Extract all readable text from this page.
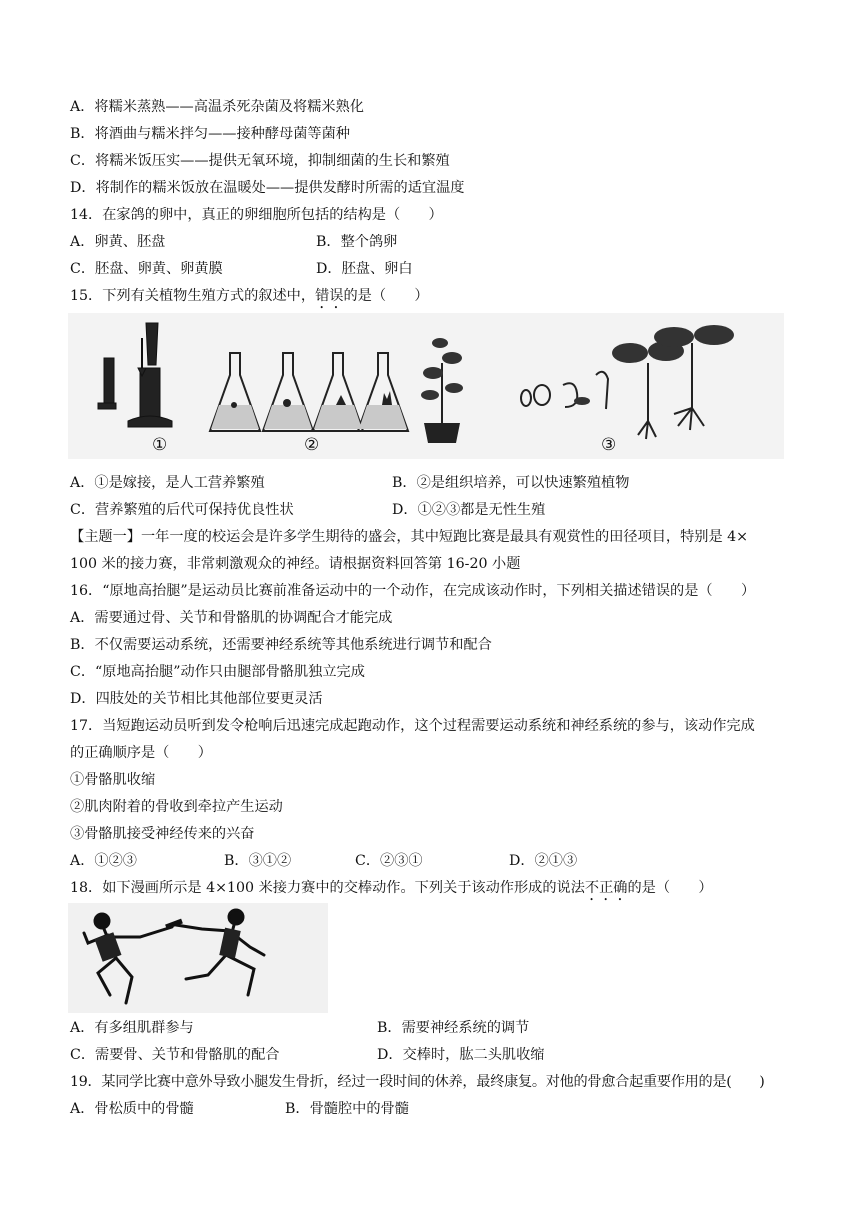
A．将糯米蒸熟——高温杀死杂菌及将糯米熟化
B．将酒曲与糯米拌匀——接种酵母菌等菌种
C．将糯米饭压实——提供无氧环境，抑制细菌的生长和繁殖
D．将制作的糯米饭放在温暖处——提供发酵时所需的适宜温度
14．在家鸽的卵中，真正的卵细胞所包括的结构是（　　）
A．卵黄、胚盘	B．整个鸽卵
C．胚盘、卵黄、卵黄膜	D．胚盘、卵白
15．下列有关植物生殖方式的叙述中，错误的是（　　）
①	②	③
A．①是嫁接，是人工营养繁殖	B．②是组织培养，可以快速繁殖植物
C．营养繁殖的后代可保持优良性状	D．①②③都是无性生殖
【主题一】一年一度的校运会是许多学生期待的盛会，其中短跑比赛是最具有观赏性的田径项目，特别是 4×
100 米的接力赛，非常刺激观众的神经。请根据资料回答第 16-20 小题
16．“原地高抬腿”是运动员比赛前准备运动中的一个动作，在完成该动作时，下列相关描述错误的是（　　）
A．需要通过骨、关节和骨骼肌的协调配合才能完成
B．不仅需要运动系统，还需要神经系统等其他系统进行调节和配合
C．“原地高抬腿”动作只由腿部骨骼肌独立完成
D．四肢处的关节相比其他部位要更灵活
17．当短跑运动员听到发令枪响后迅速完成起跑动作，这个过程需要运动系统和神经系统的参与，该动作完成
的正确顺序是（　　）
①骨骼肌收缩
②肌肉附着的骨收到牵拉产生运动
③骨骼肌接受神经传来的兴奋
A．①②③	B．③①②	C．②③①	D．②①③
18．如下漫画所示是 4×100 米接力赛中的交棒动作。下列关于该动作形成的说法不正确的是（　　）
A．有多组肌群参与	B．需要神经系统的调节
C．需要骨、关节和骨骼肌的配合	D．交棒时，肱二头肌收缩
19．某同学比赛中意外导致小腿发生骨折，经过一段时间的休养，最终康复。对他的骨愈合起重要作用的是(　　)
A．骨松质中的骨髓	B．骨髓腔中的骨髓
